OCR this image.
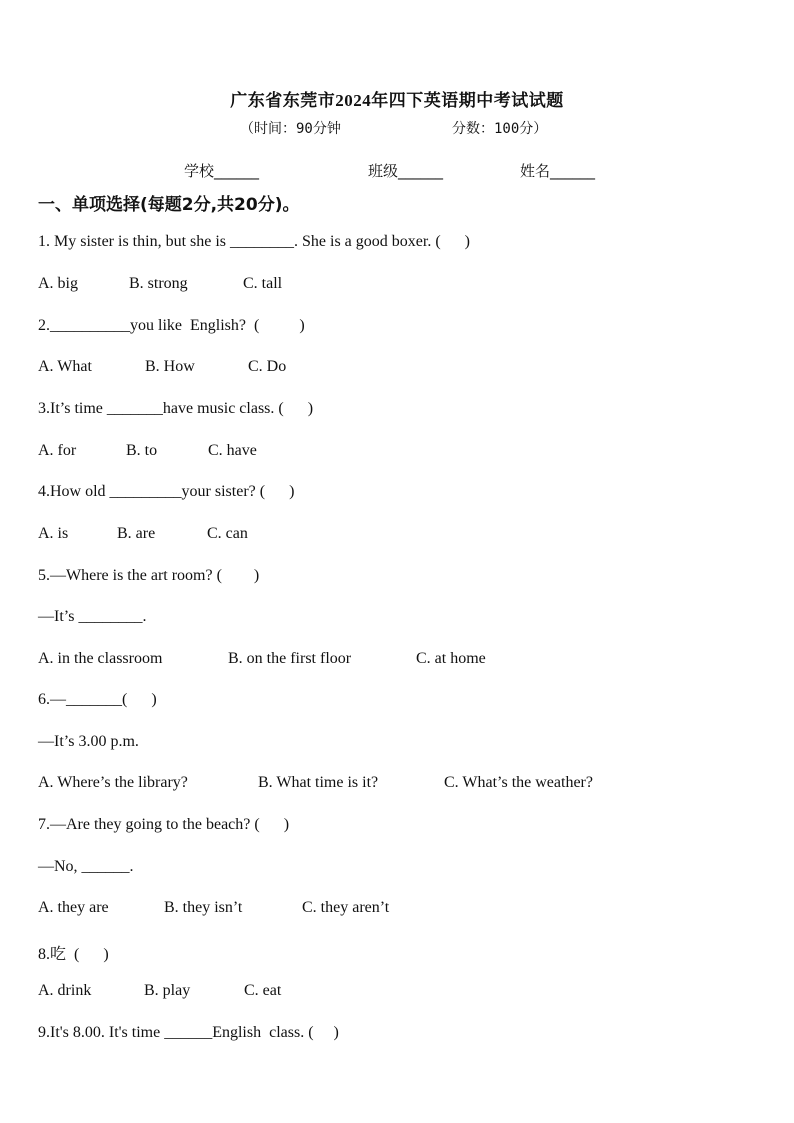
广东省东莞市2024年四下英语期中考试试题
（时间：90分钟	分数：100分）
学校______	班级______	姓名______
一、单项选择(每题2分,共20分)。
1. My sister is thin, but she is ________. She is a good boxer. (      )
A. big	B. strong	C. tall
2.__________you like  English?  (          )
A. What	B. How	C. Do
3.It’s time _______have music class. (      )
A. for	B. to	C. have
4.How old _________your sister? (      )
A. is	B. are	C. can
5.—Where is the art room? (        )
—It’s ________.
A. in the classroom	B. on the first floor	C. at home
6.—_______(      )
—It’s 3.00 p.m.
A. Where’s the library?	B. What time is it?	C. What’s the weather?
7.—Are they going to the beach? (      )
—No, ______.
A. they are	B. they isn’t	C. they aren’t
8.吃  (      )
A. drink	B. play	C. eat
9.It's 8.00. It's time ______English  class. (     )
